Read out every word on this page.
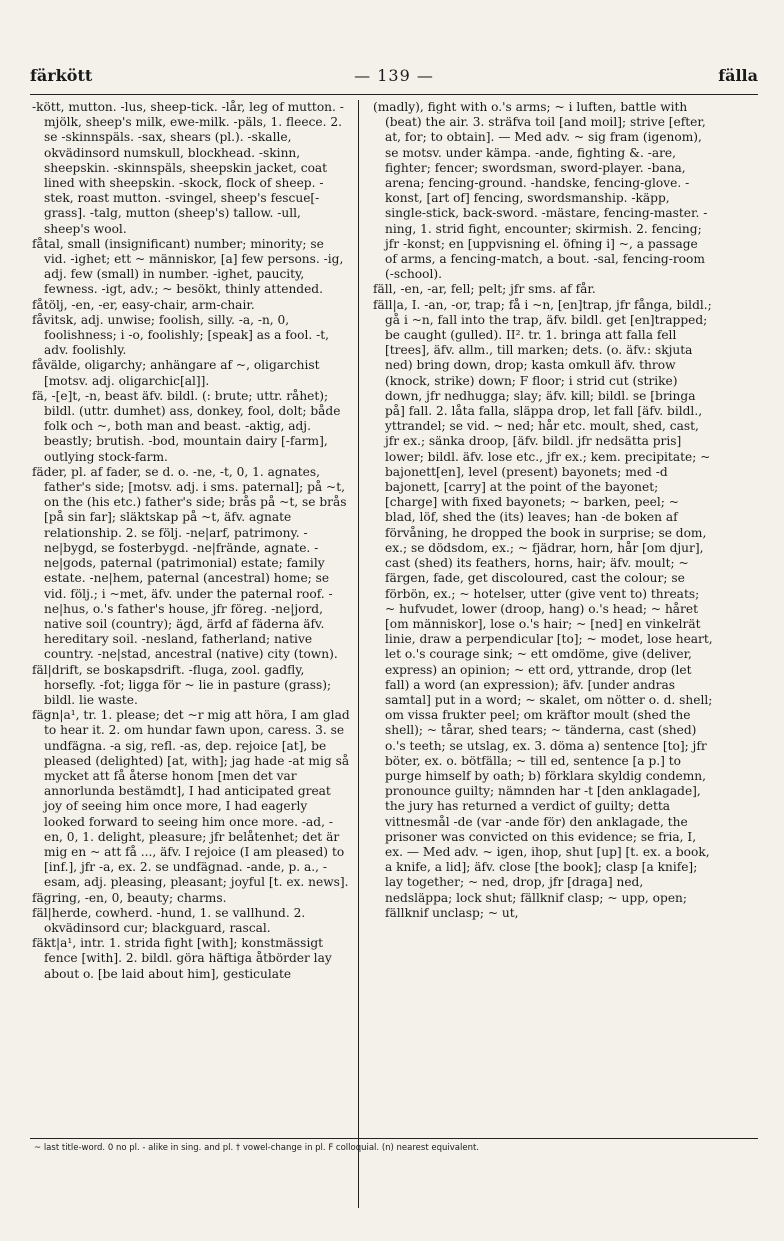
färkött	— 139 —	fälla

-kött, mutton. -lus, sheep-tick. -lår, leg of mutton. -mjölk, sheep's milk, ewe-milk. -päls, 1. fleece. 2. se -skinnspäls. -sax, shears (pl.). -skalle, okvädinsord numskull, blockhead. -skinn, sheepskin. -skinnspäls, sheepskin jacket, coat lined with sheepskin. -skock, flock of sheep. -stek, roast mutton. -svingel, sheep's fescue[-grass]. -talg, mutton (sheep's) tallow. -ull, sheep's wool.

fåtal, small (insignificant) number; minority; se vid. -ighet; ett ~ människor, [a] few persons. -ig, adj. few (small) in number. -ighet, paucity, fewness. -igt, adv.; ~ besökt, thinly attended.

fåtölj, -en, -er, easy-chair, arm-chair.

fåvitsk, adj. unwise; foolish, silly. -a, -n, 0, foolishness; i -o, foolishly; [speak] as a fool. -t, adv. foolishly.

fåvälde, oligarchy; anhängare af ~, oligarchist [motsv. adj. oligarchic[al]].

fä, -[e]t, -n, beast äfv. bildl. (: brute; uttr. råhet); bildl. (uttr. dumhet) ass, donkey, fool, dolt; både folk och ~, both man and beast. -aktig, adj. beastly; brutish. -bod, mountain dairy [-farm], outlying stock-farm.

fäder, pl. af fader, se d. o. -ne, -t, 0, 1. agnates, father's side; [motsv. adj. i sms. paternal]; på ~t, on the (his etc.) father's side; brås på ~t, se brås [på sin far]; släktskap på ~t, äfv. agnate relationship. 2. se följ. -ne|arf, patrimony. -ne|bygd, se fosterbygd. -ne|frände, agnate. -ne|gods, paternal (patrimonial) estate; family estate. -ne|hem, paternal (ancestral) home; se vid. följ.; i ~met, äfv. under the paternal roof. -ne|hus, o.'s father's house, jfr föreg. -ne|jord, native soil (country); ägd, ärfd af fäderna äfv. hereditary soil. -nesland, fatherland; native country. -ne|stad, ancestral (native) city (town).

fäl|drift, se boskapsdrift. -fluga, zool. gadfly, horsefly. -fot; ligga för ~ lie in pasture (grass); bildl. lie waste.

fägn|a¹, tr. 1. please; det ~r mig att höra, I am glad to hear it. 2. om hundar fawn upon, caress. 3. se undfägna. -a sig, refl. -as, dep. rejoice [at], be pleased (delighted) [at, with]; jag hade -at mig så mycket att få återse honom [men det var annorlunda bestämdt], I had anticipated great joy of seeing him once more, I had eagerly looked forward to seeing him once more. -ad, -en, 0, 1. delight, pleasure; jfr belåtenhet; det är mig en ~ att få ..., äfv. I rejoice (I am pleased) to [inf.], jfr -a, ex. 2. se undfägnad. -ande, p. a., -esam, adj. pleasing, pleasant; joyful [t. ex. news].

fägring, -en, 0, beauty; charms.

fäl|herde, cowherd. -hund, 1. se vallhund. 2. okvädinsord cur; blackguard, rascal.

fäkt|a¹, intr. 1. strida fight [with]; konstmässigt fence [with]. 2. bildl. göra häftiga åtbörder lay about o. [be laid about him], gesticulate

(madly), fight with o.'s arms; ~ i luften, battle with (beat) the air. 3. sträfva toil [and moil]; strive [efter, at, for; to obtain]. — Med adv. ~ sig fram (igenom), se motsv. under kämpa. -ande, fighting &. -are, fighter; fencer; swordsman, sword-player. -bana, arena; fencing-ground. -handske, fencing-glove. -konst, [art of] fencing, swordsmanship. -käpp, single-stick, back-sword. -mästare, fencing-master. -ning, 1. strid fight, encounter; skirmish. 2. fencing; jfr -konst; en [uppvisning el. öfning i] ~, a passage of arms, a fencing-match, a bout. -sal, fencing-room (-school).

fäll, -en, -ar, fell; pelt; jfr sms. af får.

fäll|a, I. -an, -or, trap; få i ~n, [en]trap, jfr fånga, bildl.; gå i ~n, fall into the trap, äfv. bildl. get [en]trapped; be caught (gulled). II². tr. 1. bringa att falla fell [trees], äfv. allm., till marken; dets. (o. äfv.: skjuta ned) bring down, drop; kasta omkull äfv. throw (knock, strike) down; F floor; i strid cut (strike) down, jfr nedhugga; slay; äfv. kill; bildl. se [bringa på] fall. 2. låta falla, släppa drop, let fall [äfv. bildl., yttrandel; se vid. ~ ned; hår etc. moult, shed, cast, jfr ex.; sänka droop, [äfv. bildl. jfr nedsätta pris] lower; bildl. äfv. lose etc., jfr ex.; kem. precipitate; ~ bajonett[en], level (present) bayonets; med -d bajonett, [carry] at the point of the bayonet; [charge] with fixed bayonets; ~ barken, peel; ~ blad, löf, shed the (its) leaves; han -de boken af förvåning, he dropped the book in surprise; se dom, ex.; se dödsdom, ex.; ~ fjädrar, horn, hår [om djur], cast (shed) its feathers, horns, hair; äfv. moult; ~ färgen, fade, get discoloured, cast the colour; se förbön, ex.; ~ hotelser, utter (give vent to) threats; ~ hufvudet, lower (droop, hang) o.'s head; ~ håret [om människor], lose o.'s hair; ~ [ned] en vinkelrät linie, draw a perpendicular [to]; ~ modet, lose heart, let o.'s courage sink; ~ ett omdöme, give (deliver, express) an opinion; ~ ett ord, yttrande, drop (let fall) a word (an expression); äfv. [under andras samtal] put in a word; ~ skalet, om nötter o. d. shell; om vissa frukter peel; om kräftor moult (shed the shell); ~ tårar, shed tears; ~ tänderna, cast (shed) o.'s teeth; se utslag, ex. 3. döma a) sentence [to]; jfr böter, ex. o. bötfälla; ~ till ed, sentence [a p.] to purge himself by oath; b) förklara skyldig condemn, pronounce guilty; nämnden har -t [den anklagade], the jury has returned a verdict of guilty; detta vittnesmål -de (var -ande för) den anklagade, the prisoner was convicted on this evidence; se fria, I, ex. — Med adv. ~ igen, ihop, shut [up] [t. ex. a book, a knife, a lid]; äfv. close [the book]; clasp [a knife]; lay together; ~ ned, drop, jfr [draga] ned, nedsläppa; lock shut; fällknif clasp; ~ upp, open; fällknif unclasp; ~ ut,

~ last title-word. 0 no pl. - alike in sing. and pl. † vowel-change in pl. F colloquial. (n) nearest equivalent.
